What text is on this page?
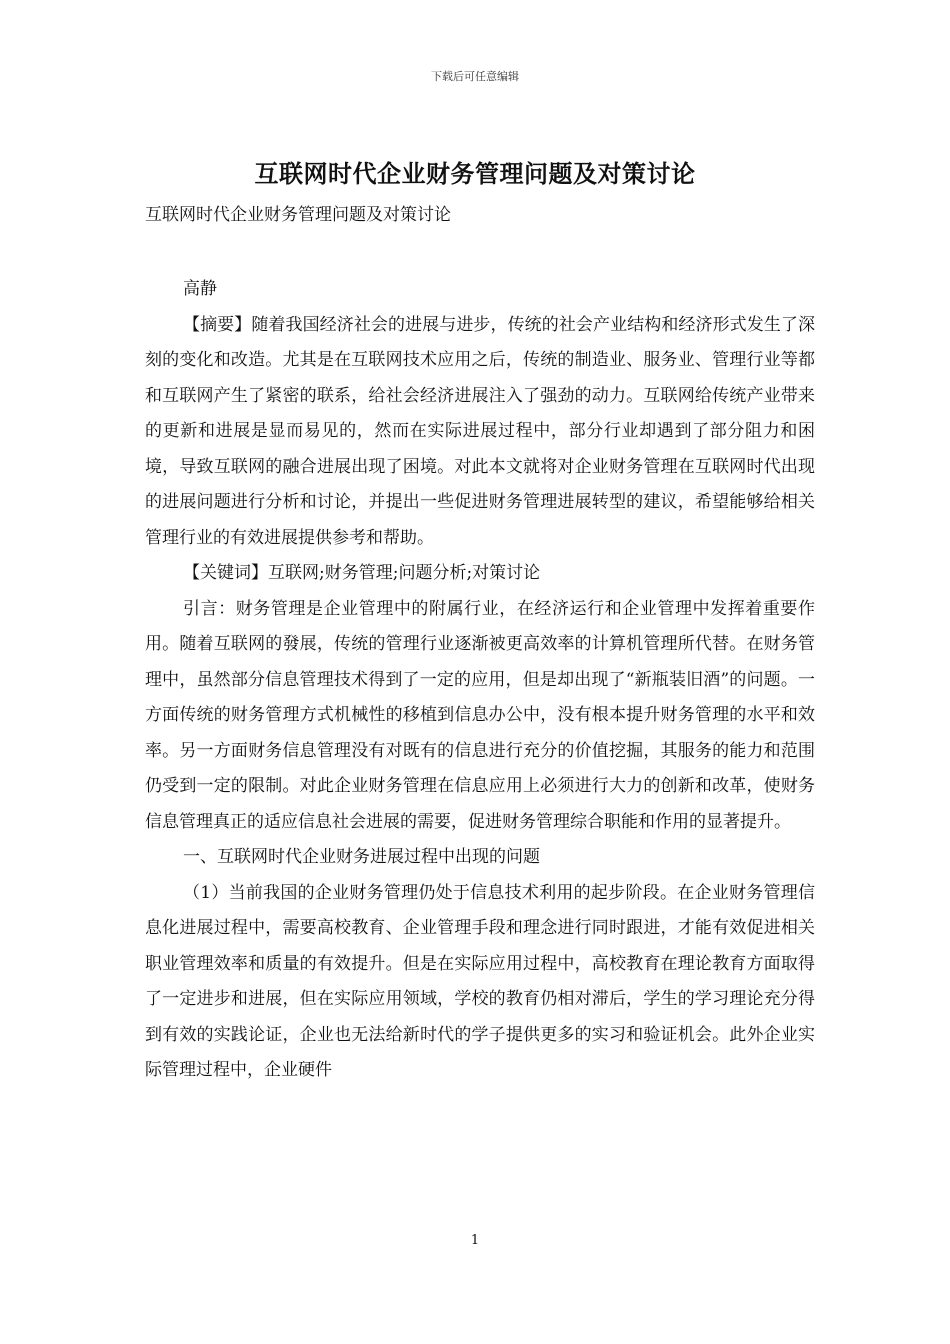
下载后可任意编辑
互联网时代企业财务管理问题及对策讨论
互联网时代企业财务管理问题及对策讨论

高静

【摘要】随着我国经济社会的进展与进步，传统的社会产业结构和经济形式发生了深刻的变化和改造。尤其是在互联网技术应用之后，传统的制造业、服务业、管理行业等都和互联网产生了紧密的联系，给社会经济进展注入了强劲的动力。互联网给传统产业带来的更新和进展是显而易见的，然而在实际进展过程中，部分行业却遇到了部分阻力和困境，导致互联网的融合进展出现了困境。对此本文就将对企业财务管理在互联网时代出现的进展问题进行分析和讨论，并提出一些促进财务管理进展转型的建议，希望能够给相关管理行业的有效进展提供参考和帮助。

【关键词】互联网;财务管理;问题分析;对策讨论

引言：财务管理是企业管理中的附属行业，在经济运行和企业管理中发挥着重要作用。随着互联网的發展，传统的管理行业逐渐被更高效率的计算机管理所代替。在财务管理中，虽然部分信息管理技术得到了一定的应用，但是却出现了“新瓶装旧酒”的问题。一方面传统的财务管理方式机械性的移植到信息办公中，没有根本提升财务管理的水平和效率。另一方面财务信息管理没有对既有的信息进行充分的价值挖掘，其服务的能力和范围仍受到一定的限制。对此企业财务管理在信息应用上必须进行大力的创新和改革，使财务信息管理真正的适应信息社会进展的需要，促进财务管理综合职能和作用的显著提升。

一、互联网时代企业财务进展过程中出现的问题

（1）当前我国的企业财务管理仍处于信息技术利用的起步阶段。在企业财务管理信息化进展过程中，需要高校教育、企业管理手段和理念进行同时跟进，才能有效促进相关职业管理效率和质量的有效提升。但是在实际应用过程中，高校教育在理论教育方面取得了一定进步和进展，但在实际应用领域，学校的教育仍相对滞后，学生的学习理论充分得到有效的实践论证，企业也无法给新时代的学子提供更多的实习和验证机会。此外企业实际管理过程中，企业硬件

1
